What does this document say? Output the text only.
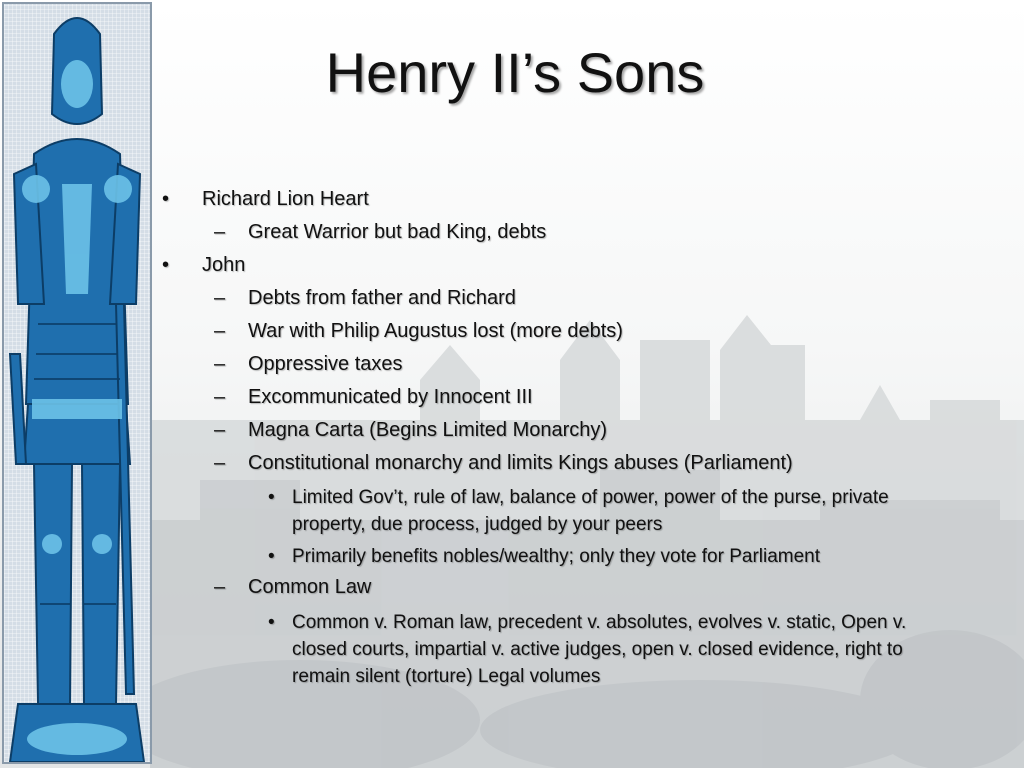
Henry II’s Sons
• Richard Lion Heart
– Great Warrior but bad King, debts
• John
– Debts from father and Richard
– War with Philip Augustus lost (more debts)
– Oppressive taxes
– Excommunicated by Innocent III
– Magna Carta (Begins Limited Monarchy)
– Constitutional monarchy and limits Kings abuses (Parliament)
• Limited Gov’t, rule of law, balance of power, power of the purse, private property, due process, judged by your peers
• Primarily benefits nobles/wealthy; only they vote for Parliament
– Common Law
• Common v. Roman law, precedent v. absolutes, evolves v. static, Open v. closed courts, impartial v. active judges, open v. closed evidence, right to remain silent (torture) Legal volumes
